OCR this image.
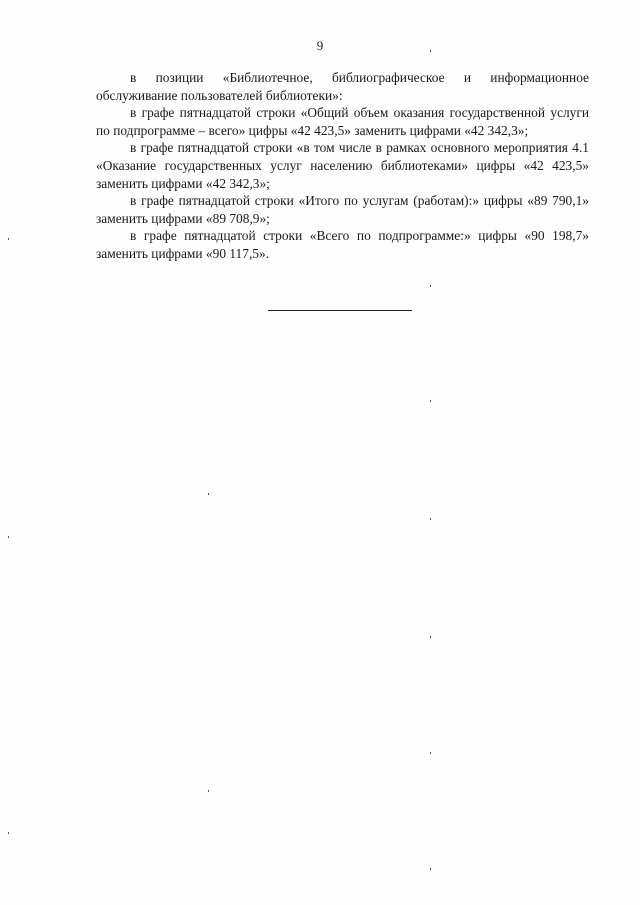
9

в позиции «Библиотечное, библиографическое и информационное обслуживание пользователей библиотеки»:

в графе пятнадцатой строки «Общий объем оказания государственной услуги по подпрограмме – всего» цифры «42 423,5» заменить цифрами «42 342,3»;

в графе пятнадцатой строки «в том числе в рамках основного мероприятия 4.1 «Оказание государственных услуг населению библиотеками» цифры «42 423,5» заменить цифрами «42 342,3»;

в графе пятнадцатой строки «Итого по услугам (работам):» цифры «89 790,1» заменить цифрами «89 708,9»;

в графе пятнадцатой строки «Всего по подпрограмме:» цифры «90 198,7» заменить цифрами «90 117,5».
